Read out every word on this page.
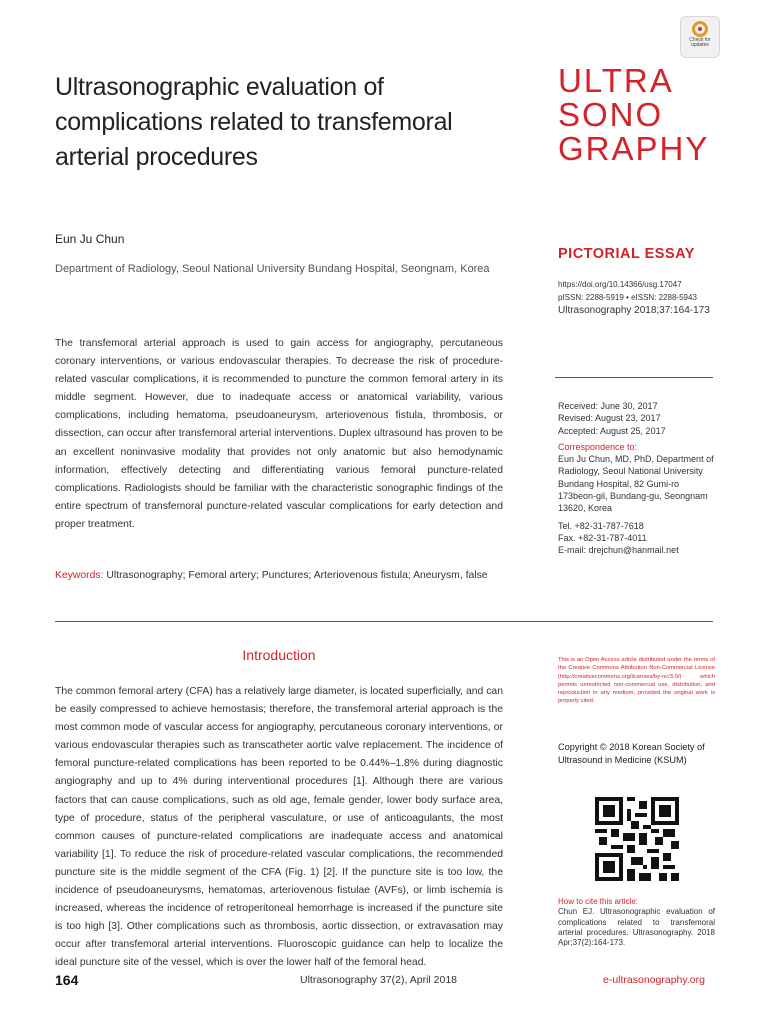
Check for
updates
Ultrasonographic evaluation of complications related to transfemoral arterial procedures
ULTRA
SONO
GRAPHY
Eun Ju Chun
Department of Radiology, Seoul National University Bundang Hospital, Seongnam, Korea
PICTORIAL ESSAY
https://doi.org/10.14366/usg.17047
pISSN: 2288-5919 • eISSN: 2288-5943
Ultrasonography 2018;37:164-173
The transfemoral arterial approach is used to gain access for angiography, percutaneous coronary interventions, or various endovascular therapies. To decrease the risk of procedure-related vascular complications, it is recommended to puncture the common femoral artery in its middle segment. However, due to inadequate access or anatomical variability, various complications, including hematoma, pseudoaneurysm, arteriovenous fistula, thrombosis, or dissection, can occur after transfemoral arterial interventions. Duplex ultrasound has proven to be an excellent noninvasive modality that provides not only anatomic but also hemodynamic information, effectively detecting and differentiating various femoral puncture-related complications. Radiologists should be familiar with the characteristic sonographic findings of the entire spectrum of transfemoral puncture-related vascular complications for early detection and proper treatment.
Keywords: Ultrasonography; Femoral artery; Punctures; Arteriovenous fistula; Aneurysm, false
Introduction
The common femoral artery (CFA) has a relatively large diameter, is located superficially, and can be easily compressed to achieve hemostasis; therefore, the transfemoral arterial approach is the most common mode of vascular access for angiography, percutaneous coronary interventions, or various endovascular therapies such as transcatheter aortic valve replacement. The incidence of femoral puncture-related complications has been reported to be 0.44%–1.8% during diagnostic angiography and up to 4% during interventional procedures [1]. Although there are various factors that can cause complications, such as old age, female gender, lower body surface area, type of procedure, status of the peripheral vasculature, or use of anticoagulants, the most common causes of puncture-related complications are inadequate access and anatomical variability [1]. To reduce the risk of procedure-related vascular complications, the recommended puncture site is the middle segment of the CFA (Fig. 1) [2]. If the puncture site is too low, the incidence of pseudoaneurysms, hematomas, arteriovenous fistulae (AVFs), or limb ischemia is increased, whereas the incidence of retroperitoneal hemorrhage is increased if the puncture site is too high [3]. Other complications such as thrombosis, aortic dissection, or extravasation may occur after transfemoral arterial interventions. Fluoroscopic guidance can help to localize the ideal puncture site of the vessel, which is over the lower half of the femoral head.
Received: June 30, 2017
Revised: August 23, 2017
Accepted: August 25, 2017
Correspondence to:
Eun Ju Chun, MD, PhD, Department of Radiology, Seoul National University Bundang Hospital, 82 Gumi-ro 173beon-gil, Bundang-gu, Seongnam 13620, Korea
Tel. +82-31-787-7618
Fax. +82-31-787-4011
E-mail: drejchun@hanmail.net
This is an Open Access article distributed under the terms of the Creative Commons Attribution Non-Commercial License (http://creativecommons.org/licenses/by-nc/3.0/) which permits unrestricted non-commercial use, distribution, and reproduction in any medium, provided the original work is properly cited.
Copyright © 2018 Korean Society of Ultrasound in Medicine (KSUM)
How to cite this article:
Chun EJ. Ultrasonographic evaluation of complications related to transfemoral arterial procedures. Ultrasonography. 2018 Apr;37(2):164-173.
164	Ultrasonography 37(2), April 2018	e-ultrasonography.org
